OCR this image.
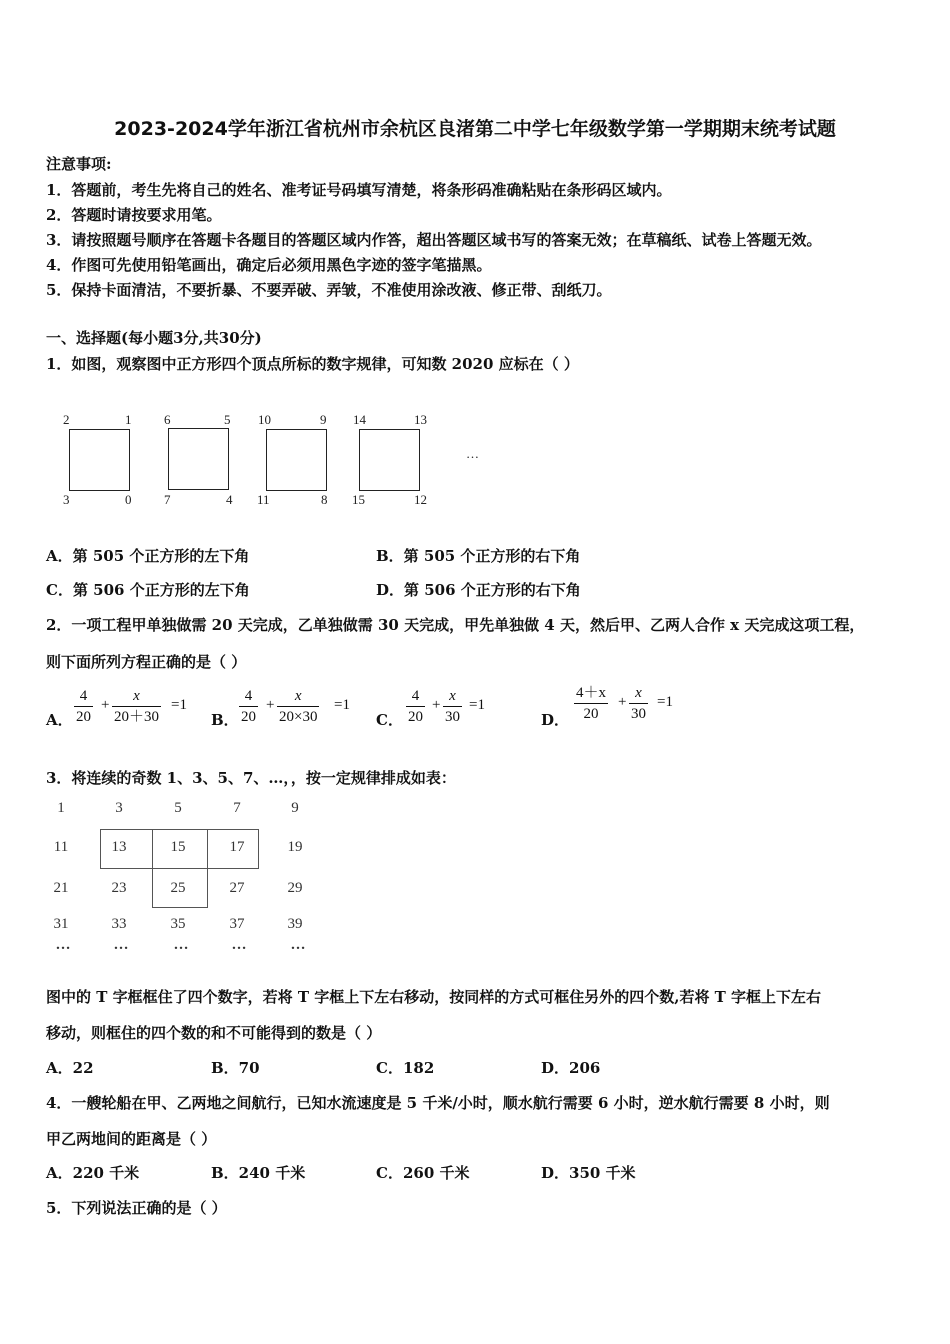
2023-2024学年浙江省杭州市余杭区良渚第二中学七年级数学第一学期期末统考试题
注意事项:
1．答题前，考生先将自己的姓名、准考证号码填写清楚，将条形码准确粘贴在条形码区域内。
2．答题时请按要求用笔。
3．请按照题号顺序在答题卡各题目的答题区域内作答，超出答题区域书写的答案无效；在草稿纸、试卷上答题无效。
4．作图可先使用铅笔画出，确定后必须用黑色字迹的签字笔描黑。
5．保持卡面清洁，不要折暴、不要弄破、弄皱，不准使用涂改液、修正带、刮纸刀。
一、选择题(每小题3分,共30分)
1．如图，观察图中正方形四个顶点所标的数字规律，可知数 2020 应标在（ ）
2	1
3	0
6	5
7	4
10	9
11	8
14	13
15	12
…
A．第 505 个正方形的左下角	B．第 505 个正方形的右下角
C．第 506 个正方形的左下角	D．第 506 个正方形的右下角
2．一项工程甲单独做需 20 天完成，乙单独做需 30 天完成，甲先单独做 4 天，然后甲、乙两人合作 x 天完成这项工程，
则下面所列方程正确的是（ ）
A． $\frac{4}{20} + \frac{x}{20+30} =1$
B． $\frac{4}{20} + \frac{x}{20\times 30} =1$
C． $\frac{4}{20} + \frac{x}{30} =1$
D． $\frac{4+x}{20} + \frac{x}{30} =1$
3．将连续的奇数 1、3、5、7、…，，按一定规律排成如表：
1	3	5	7	9
11	13	15	17	19
21	23	25	27	29
31	33	35	37	39
…	…	…	…	…
图中的 T 字框框住了四个数字，若将 T 字框上下左右移动，按同样的方式可框住另外的四个数,若将 T 字框上下左右
移动，则框住的四个数的和不可能得到的数是（ ）
A．22	B．70	C．182	D．206
4．一艘轮船在甲、乙两地之间航行，已知水流速度是 5 千米/小时，顺水航行需要 6 小时，逆水航行需要 8 小时，则
甲乙两地间的距离是（ ）
A．220 千米	B．240 千米	C．260 千米	D．350 千米
5．下列说法正确的是（ ）
